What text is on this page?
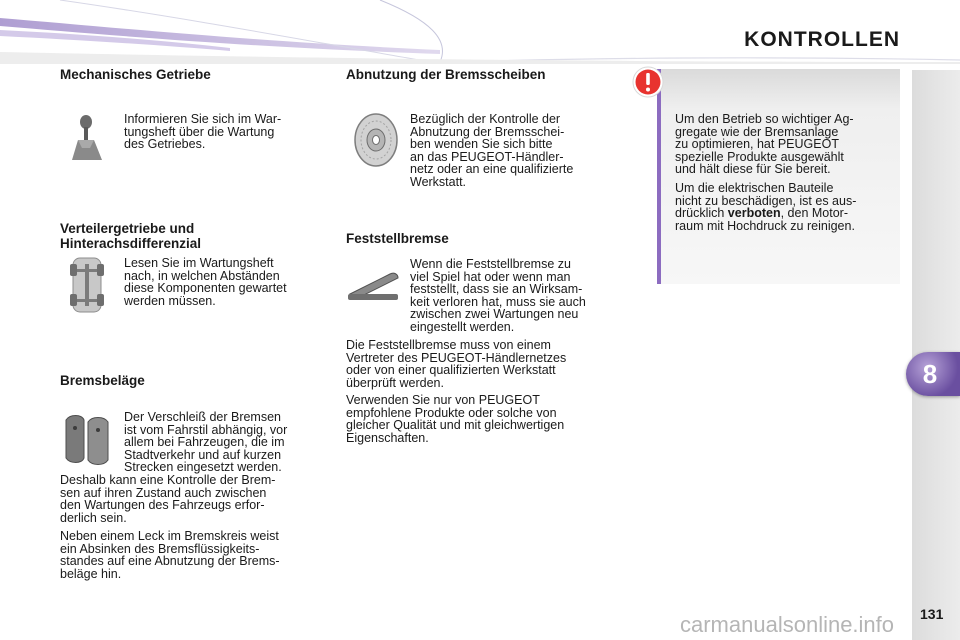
KONTROLLEN
8
131
Mechanisches Getriebe

Informieren Sie sich im War-
tungsheft über die Wartung
des Getriebes.

Verteilergetriebe und
Hinterachsdifferenzial

Lesen Sie im Wartungsheft
nach, in welchen Abständen
diese Komponenten gewartet
werden müssen.

Bremsbeläge

Der Verschleiß der Bremsen
ist vom Fahrstil abhängig, vor
allem bei Fahrzeugen, die im
Stadtverkehr und auf kurzen
Strecken eingesetzt werden.

Deshalb kann eine Kontrolle der Brem-
sen auf ihren Zustand auch zwischen
den Wartungen des Fahrzeugs erfor-
derlich sein.

Neben einem Leck im Bremskreis weist
ein Absinken des Bremsflüssigkeits-
standes auf eine Abnutzung der Brems-
beläge hin.

Abnutzung der Bremsscheiben

Bezüglich der Kontrolle der
Abnutzung der Bremsschei-
ben wenden Sie sich bitte
an das PEUGEOT-Händler-
netz oder an eine qualifizierte
Werkstatt.

Feststellbremse

Wenn die Feststellbremse zu
viel Spiel hat oder wenn man
feststellt, dass sie an Wirksam-
keit verloren hat, muss sie auch
zwischen zwei Wartungen neu
eingestellt werden.

Die Feststellbremse muss von einem
Vertreter des PEUGEOT-Händlernetzes
oder von einer qualifizierten Werkstatt
überprüft werden.

Verwenden Sie nur von PEUGEOT
empfohlene Produkte oder solche von
gleicher Qualität und mit gleichwertigen
Eigenschaften.

Um den Betrieb so wichtiger Ag-
gregate wie der Bremsanlage
zu optimieren, hat PEUGEOT
spezielle Produkte ausgewählt
und hält diese für Sie bereit.

Um die elektrischen Bauteile
nicht zu beschädigen, ist es aus-
drücklich verboten, den Motor-
raum mit Hochdruck zu reinigen.

carmanualsonline.info
